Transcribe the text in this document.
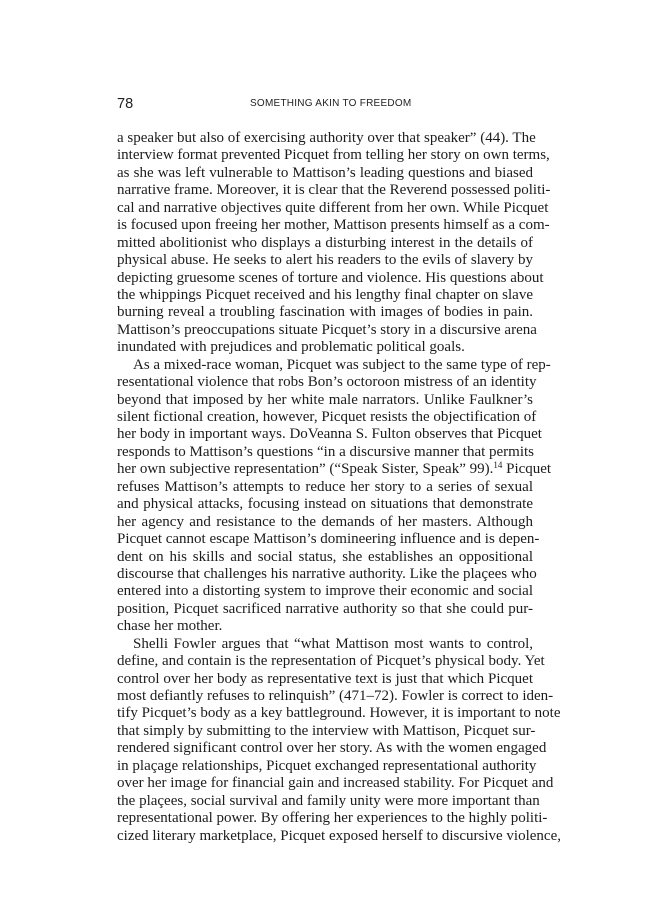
78	SOMETHING AKIN TO FREEDOM
a speaker but also of exercising authority over that speaker” (44). The
interview format prevented Picquet from telling her story on own terms,
as she was left vulnerable to Mattison’s leading questions and biased
narrative frame. Moreover, it is clear that the Reverend possessed politi-
cal and narrative objectives quite different from her own. While Picquet
is focused upon freeing her mother, Mattison presents himself as a com-
mitted abolitionist who displays a disturbing interest in the details of
physical abuse. He seeks to alert his readers to the evils of slavery by
depicting gruesome scenes of torture and violence. His questions about
the whippings Picquet received and his lengthy final chapter on slave
burning reveal a troubling fascination with images of bodies in pain.
Mattison’s preoccupations situate Picquet’s story in a discursive arena
inundated with prejudices and problematic political goals.
As a mixed-race woman, Picquet was subject to the same type of rep-
resentational violence that robs Bon’s octoroon mistress of an identity
beyond that imposed by her white male narrators. Unlike Faulkner’s
silent fictional creation, however, Picquet resists the objectification of
her body in important ways. DoVeanna S. Fulton observes that Picquet
responds to Mattison’s questions “in a discursive manner that permits
her own subjective representation” (“Speak Sister, Speak” 99).$^{14}$ Picquet
refuses Mattison’s attempts to reduce her story to a series of sexual
and physical attacks, focusing instead on situations that demonstrate
her agency and resistance to the demands of her masters. Although
Picquet cannot escape Mattison’s domineering influence and is depen-
dent on his skills and social status, she establishes an oppositional
discourse that challenges his narrative authority. Like the plaçees who
entered into a distorting system to improve their economic and social
position, Picquet sacrificed narrative authority so that she could pur-
chase her mother.
Shelli Fowler argues that “what Mattison most wants to control,
define, and contain is the representation of Picquet’s physical body. Yet
control over her body as representative text is just that which Picquet
most defiantly refuses to relinquish” (471–72). Fowler is correct to iden-
tify Picquet’s body as a key battleground. However, it is important to note
that simply by submitting to the interview with Mattison, Picquet sur-
rendered significant control over her story. As with the women engaged
in plaçage relationships, Picquet exchanged representational authority
over her image for financial gain and increased stability. For Picquet and
the plaçees, social survival and family unity were more important than
representational power. By offering her experiences to the highly politi-
cized literary marketplace, Picquet exposed herself to discursive violence,
